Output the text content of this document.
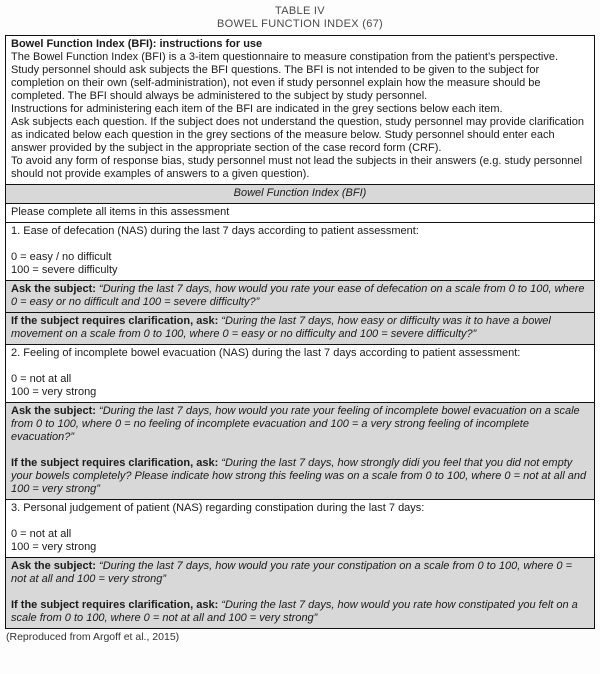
TABLE IV
BOWEL FUNCTION INDEX (67)
Bowel Function Index (BFI): instructions for use
The Bowel Function Index (BFI) is a 3-item questionnaire to measure constipation from the patient’s perspective. Study personnel should ask subjects the BFI questions. The BFI is not intended to be given to the subject for completion on their own (self-administration), not even if study personnel explain how the measure should be completed. The BFI should always be administered to the subject by study personnel.
Instructions for administering each item of the BFI are indicated in the grey sections below each item.
Ask subjects each question. If the subject does not understand the question, study personnel may provide clarification as indicated below each question in the grey sections of the measure below. Study personnel should enter each answer provided by the subject in the appropriate section of the case record form (CRF).
To avoid any form of response bias, study personnel must not lead the subjects in their answers (e.g. study personnel should not provide examples of answers to a given question).
Bowel Function Index (BFI)
Please complete all items in this assessment
1. Ease of defecation (NAS) during the last 7 days according to patient assessment:
0 = easy / no difficult
100 = severe difficulty
Ask the subject: “During the last 7 days, how would you rate your ease of defecation on a scale from 0 to 100, where 0 = easy or no difficult and 100 = severe difficulty?”
If the subject requires clarification, ask: “During the last 7 days, how easy or difficulty was it to have a bowel movement on a scale from 0 to 100, where 0 = easy or no difficulty and 100 = severe difficulty?”
2. Feeling of incomplete bowel evacuation (NAS) during the last 7 days according to patient assessment:
0 = not at all
100 = very strong
Ask the subject: “During the last 7 days, how would you rate your feeling of incomplete bowel evacuation on a scale from 0 to 100, where 0 = no feeling of incomplete evacuation and 100 = a very strong feeling of incomplete evacuation?”
If the subject requires clarification, ask: “During the last 7 days, how strongly didi you feel that you did not empty your bowels completely? Please indicate how strong this feeling was on a scale from 0 to 100, where 0 = not at all and 100 = very strong”
3. Personal judgement of patient (NAS) regarding constipation during the last 7 days:
0 = not at all
100 = very strong
Ask the subject: “During the last 7 days, how would you rate your constipation on a scale from 0 to 100, where 0 = not at all and 100 = very strong”
If the subject requires clarification, ask: “During the last 7 days, how would you rate how constipated you felt on a scale from 0 to 100, where 0 = not at all and 100 = very strong”
(Reproduced from Argoff et al., 2015)
